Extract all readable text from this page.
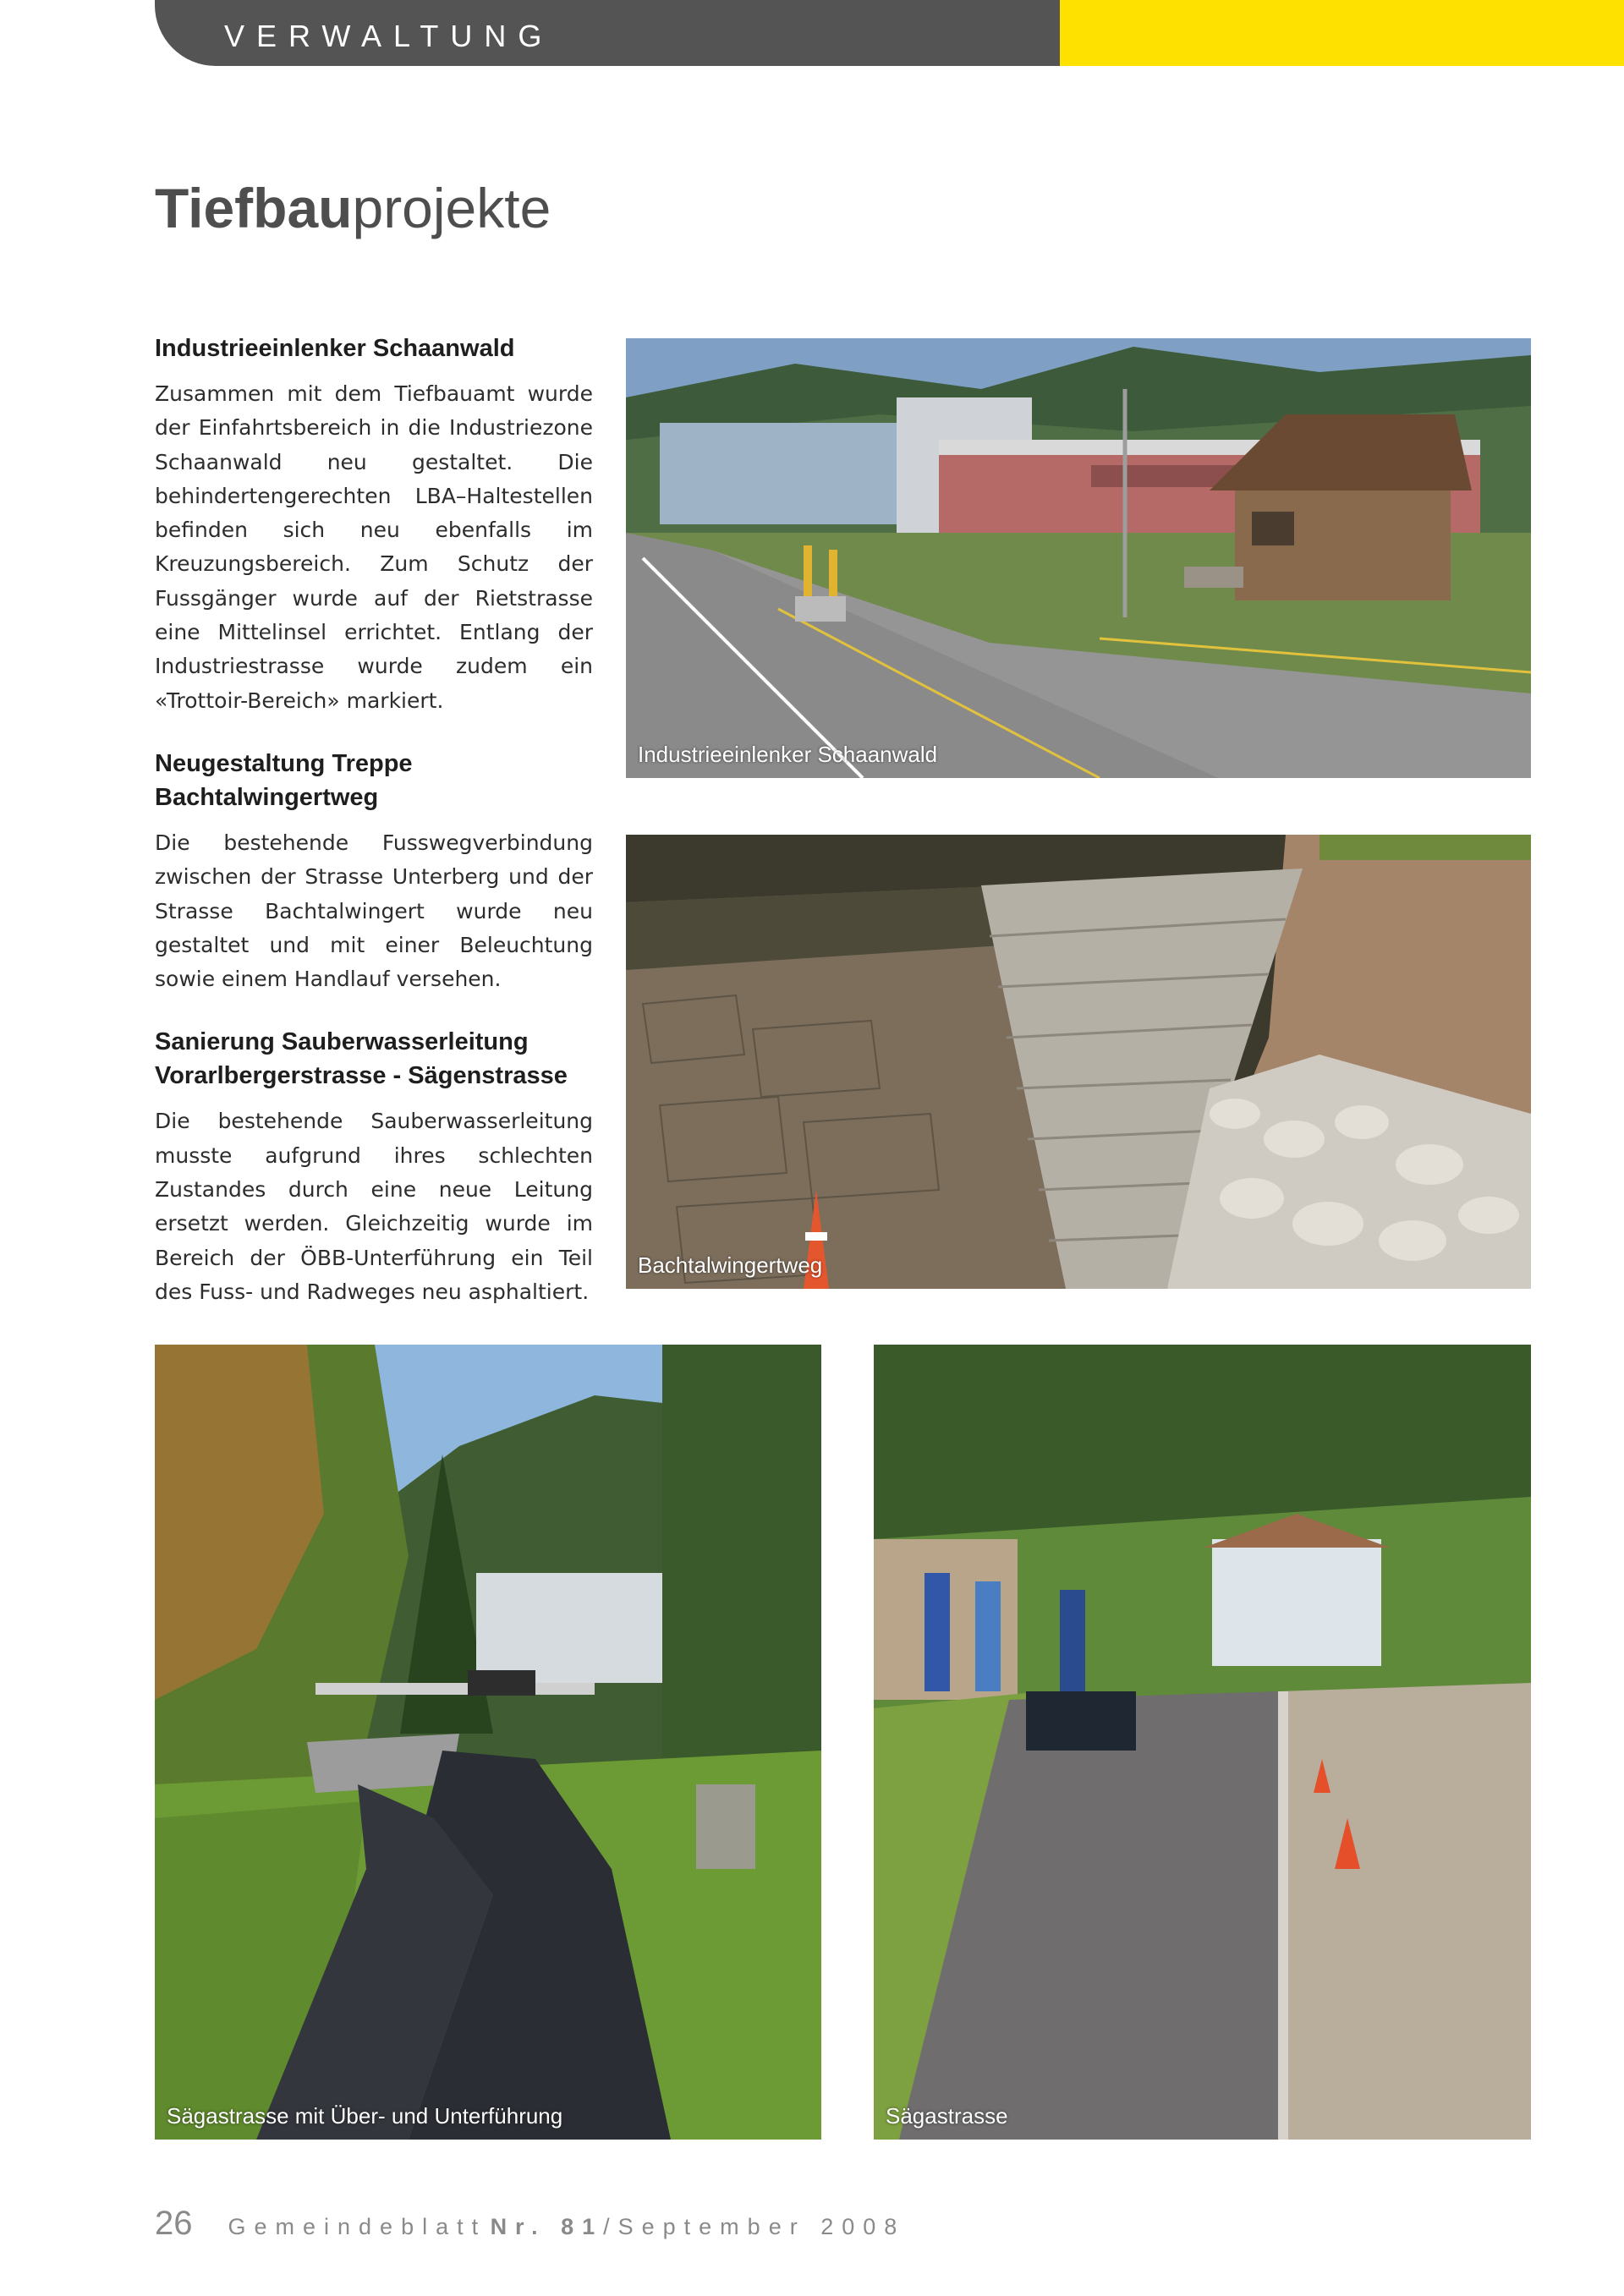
VERWALTUNG
Tiefbauprojekte
Industrieeinlenker Schaanwald

Zusammen mit dem Tiefbauamt wurde der Einfahrtsbereich in die Industriezone Schaanwald neu gestaltet. Die behindertengerechten LBA–Haltestellen befinden sich neu ebenfalls im Kreuzungsbereich. Zum Schutz der Fussgänger wurde auf der Rietstrasse eine Mittelinsel errichtet. Entlang der Industriestrasse wurde zudem ein «Trottoir-Bereich» markiert.

Neugestaltung Treppe Bachtalwingertweg

Die bestehende Fusswegverbindung zwischen der Strasse Unterberg und der Strasse Bachtalwingert wurde neu gestaltet und mit einer Beleuchtung sowie einem Handlauf versehen.

Sanierung Sauberwasserleitung Vorarlbergerstrasse - Sägenstrasse

Die bestehende Sauberwasserleitung musste aufgrund ihres schlechten Zustandes durch eine neue Leitung ersetzt werden. Gleichzeitig wurde im Bereich der ÖBB-Unterführung ein Teil des Fuss- und Radweges neu asphaltiert.

Industrieeinlenker Schaanwald
Bachtalwingertweg
Sägastrasse mit Über- und Unterführung	Sägastrasse
26 Gemeindeblatt Nr. 81/September 2008
